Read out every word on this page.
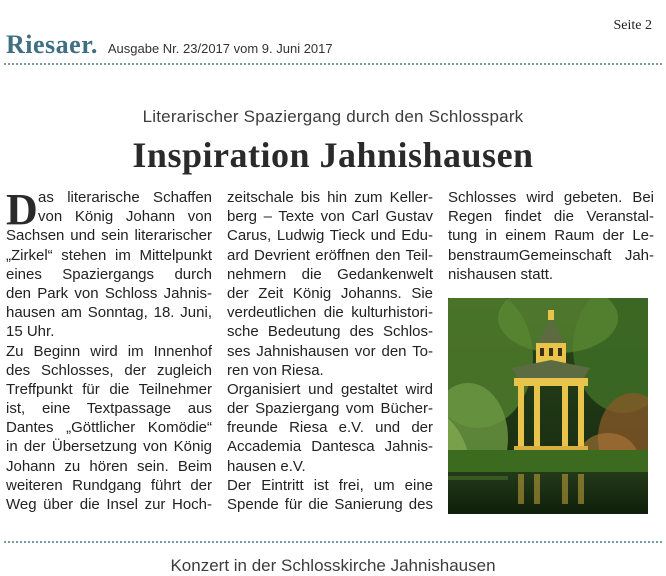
Seite 2
Riesaer. Ausgabe Nr. 23/2017 vom 9. Juni 2017
Literarischer Spaziergang durch den Schlosspark
Inspiration Jahnishausen
D as literarische Schaffen
von König Johann von
Sachsen und sein literarischer
„Zirkel“ stehen im Mittelpunkt
eines Spaziergangs durch
den Park von Schloss Jahnis-
hausen am Sonntag, 18. Juni,
15 Uhr.
Zu Beginn wird im Innenhof
des Schlosses, der zugleich
Treffpunkt für die Teilnehmer
ist, eine Textpassage aus
Dantes „Göttlicher Komödie“
in der Übersetzung von König
Johann zu hören sein. Beim
weiteren Rundgang führt der
Weg über die Insel zur Hoch-
zeitschale bis hin zum Keller-
berg – Texte von Carl Gustav
Carus, Ludwig Tieck und Edu-
ard Devrient eröffnen den Teil-
nehmern die Gedankenwelt
der Zeit König Johanns. Sie
verdeutlichen die kulturhistori-
sche Bedeutung des Schlos-
ses Jahnishausen vor den To-
ren von Riesa.
Organisiert und gestaltet wird
der Spaziergang vom Bücher-
freunde Riesa e.V. und der
Accademia Dantesca Jahnis-
hausen e.V.
Der Eintritt ist frei, um eine
Spende für die Sanierung des
Schlosses wird gebeten. Bei
Regen findet die Veranstal-
tung in einem Raum der Le-
benstraumGemeinschaft Jah-
nishausen statt.
Konzert in der Schlosskirche Jahnishausen
